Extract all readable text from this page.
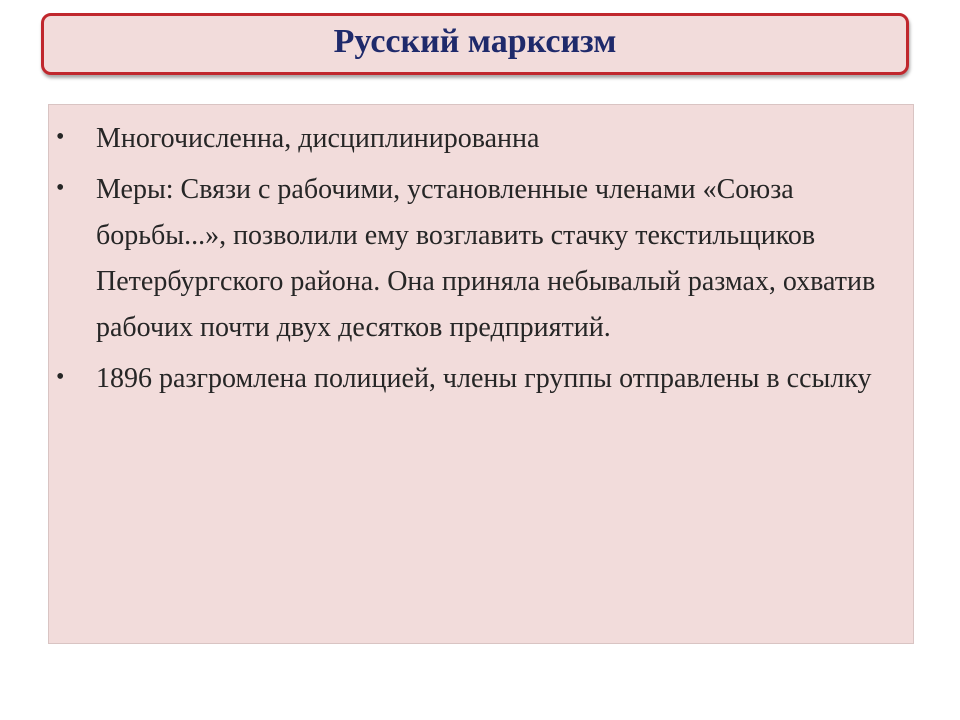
Русский марксизм
• Многочисленна, дисциплинированна
• Меры: Связи с рабочими, установленные членами «Союза борьбы...», позволили ему возглавить стачку текстильщиков Петербургского района. Она приняла небывалый размах, охватив рабочих почти двух десятков предприятий.
• 1896 разгромлена полицией, члены группы отправлены в ссылку
